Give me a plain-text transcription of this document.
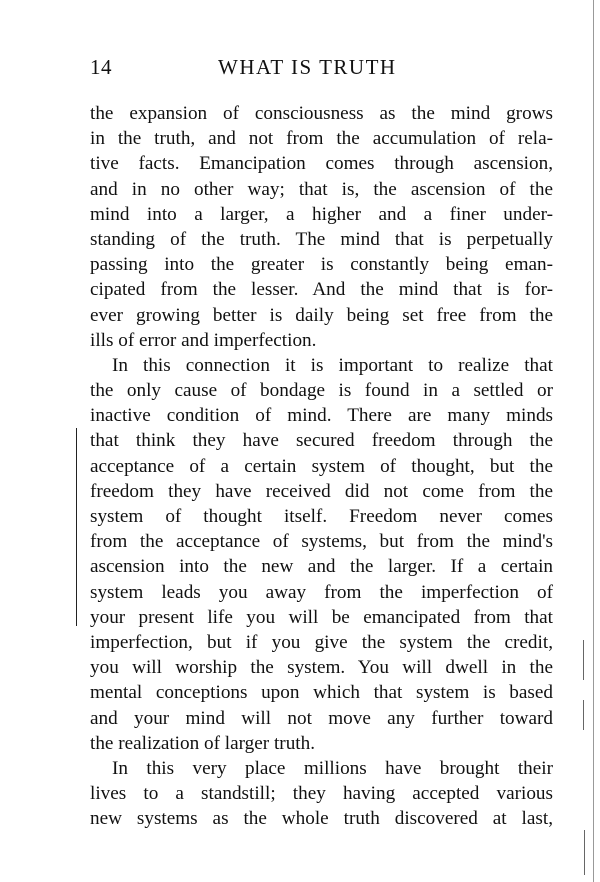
14	WHAT IS TRUTH
the expansion of consciousness as the mind grows
in the truth, and not from the accumulation of rela-
tive facts. Emancipation comes through ascension,
and in no other way; that is, the ascension of the
mind into a larger, a higher and a finer under-
standing of the truth. The mind that is perpetually
passing into the greater is constantly being eman-
cipated from the lesser. And the mind that is for-
ever growing better is daily being set free from the
ills of error and imperfection.
In this connection it is important to realize that
the only cause of bondage is found in a settled or
inactive condition of mind. There are many minds
that think they have secured freedom through the
acceptance of a certain system of thought, but the
freedom they have received did not come from the
system of thought itself. Freedom never comes
from the acceptance of systems, but from the mind's
ascension into the new and the larger. If a certain
system leads you away from the imperfection of
your present life you will be emancipated from that
imperfection, but if you give the system the credit,
you will worship the system. You will dwell in the
mental conceptions upon which that system is based
and your mind will not move any further toward
the realization of larger truth.
In this very place millions have brought their
lives to a standstill; they having accepted various
new systems as the whole truth discovered at last,
